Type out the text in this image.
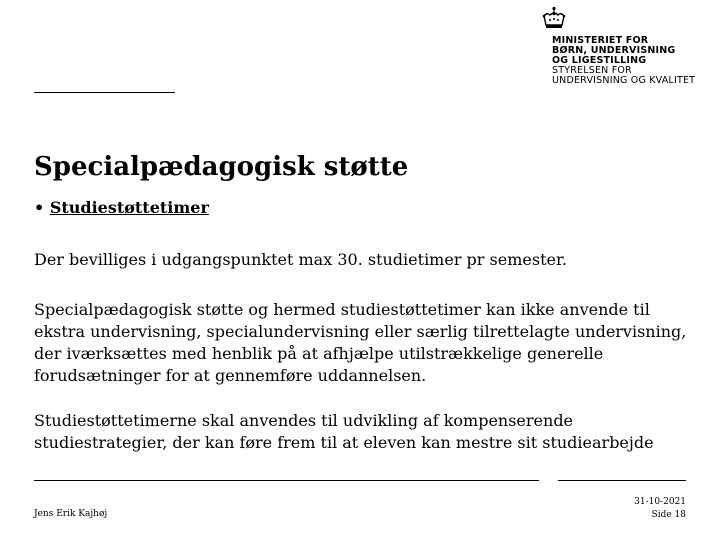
MINISTERIET FOR
BØRN, UNDERVISNING
OG LIGESTILLING
STYRELSEN FOR
UNDERVISNING OG KVALITET
Specialpædagogisk støtte
• Studiestøttetimer

Der bevilliges i udgangspunktet max 30. studietimer pr semester.

Specialpædagogisk støtte og hermed studiestøttetimer kan ikke anvende til
ekstra undervisning, specialundervisning eller særlig tilrettelagte undervisning,
der iværksættes med henblik på at afhjælpe utilstrækkelige generelle
forudsætninger for at gennemføre uddannelsen.

Studiestøttetimerne skal anvendes til udvikling af kompenserende
studiestrategier, der kan føre frem til at eleven kan mestre sit studiearbejde

Jens Erik Kajhøj
31-10-2021
Side 18
